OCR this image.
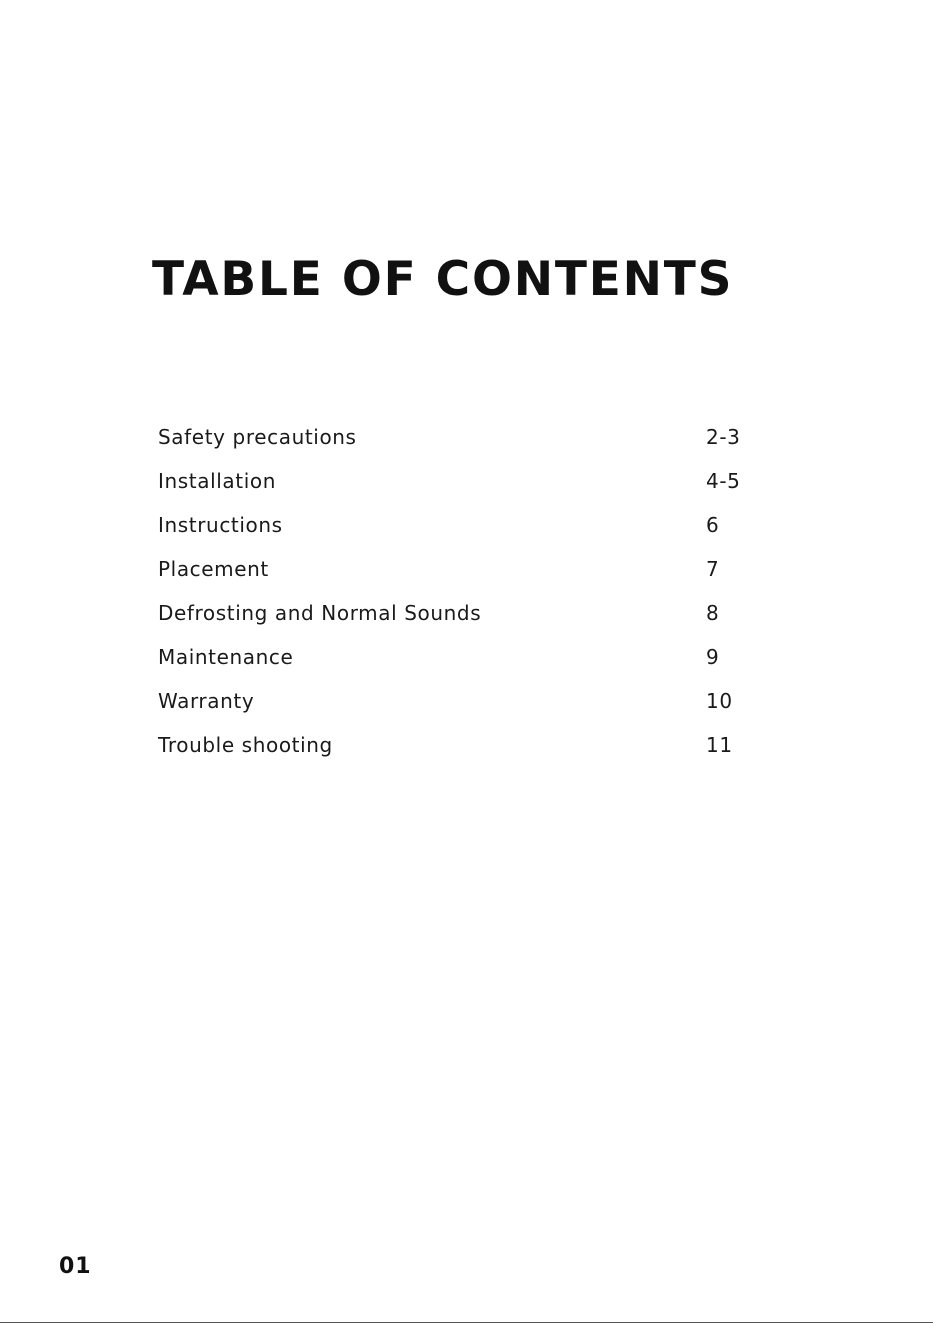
TABLE OF CONTENTS
Safety precautions	2-3
Installation	4-5
Instructions	6
Placement	7
Defrosting and Normal Sounds	8
Maintenance	9
Warranty	10
Trouble shooting	11
01
